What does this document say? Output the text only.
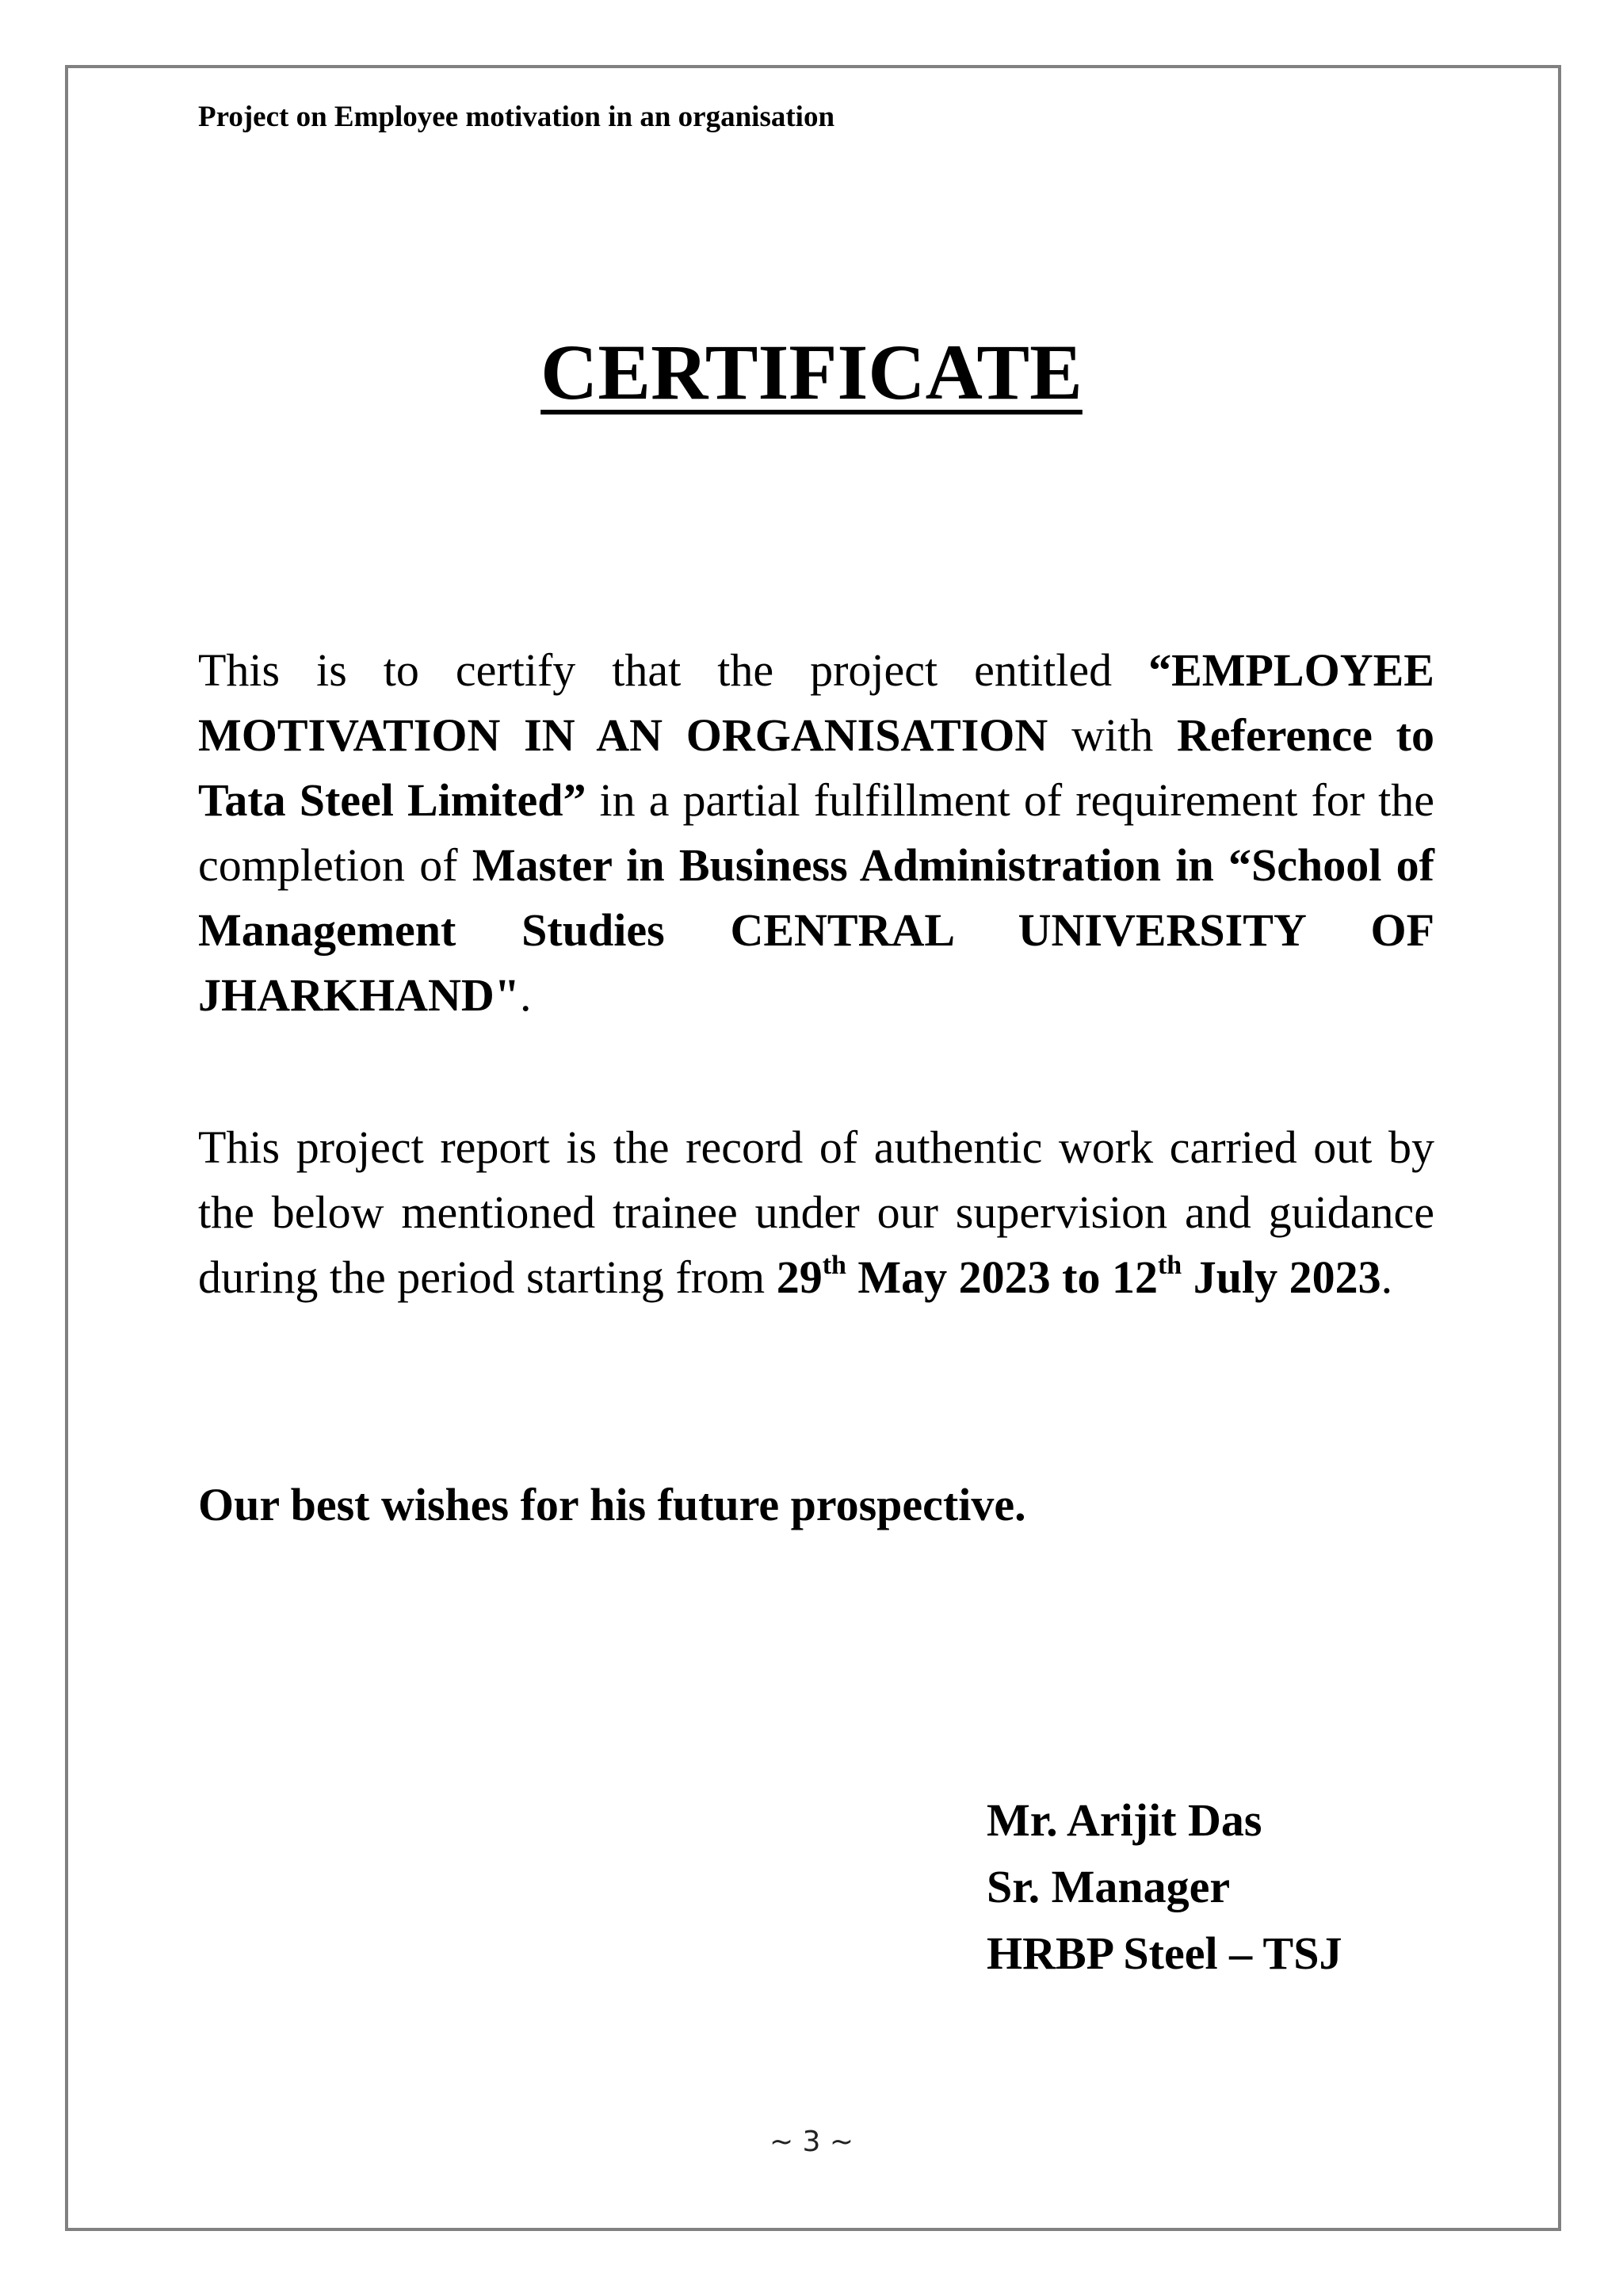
Project on Employee motivation in an organisation
CERTIFICATE

This is to certify that the project entitled “EMPLOYEE MOTIVATION IN AN ORGANISATION with Reference to Tata Steel Limited” in a partial fulfillment of requirement for the completion of Master in Business Administration in “School of Management Studies CENTRAL UNIVERSITY OF JHARKHAND".

This project report is the record of authentic work carried out by the below mentioned trainee under our supervision and guidance during the period starting from 29th May 2023 to 12th July 2023.

Our best wishes for his future prospective.

Mr. Arijit Das
Sr. Manager
HRBP Steel – TSJ
~ 3 ~
